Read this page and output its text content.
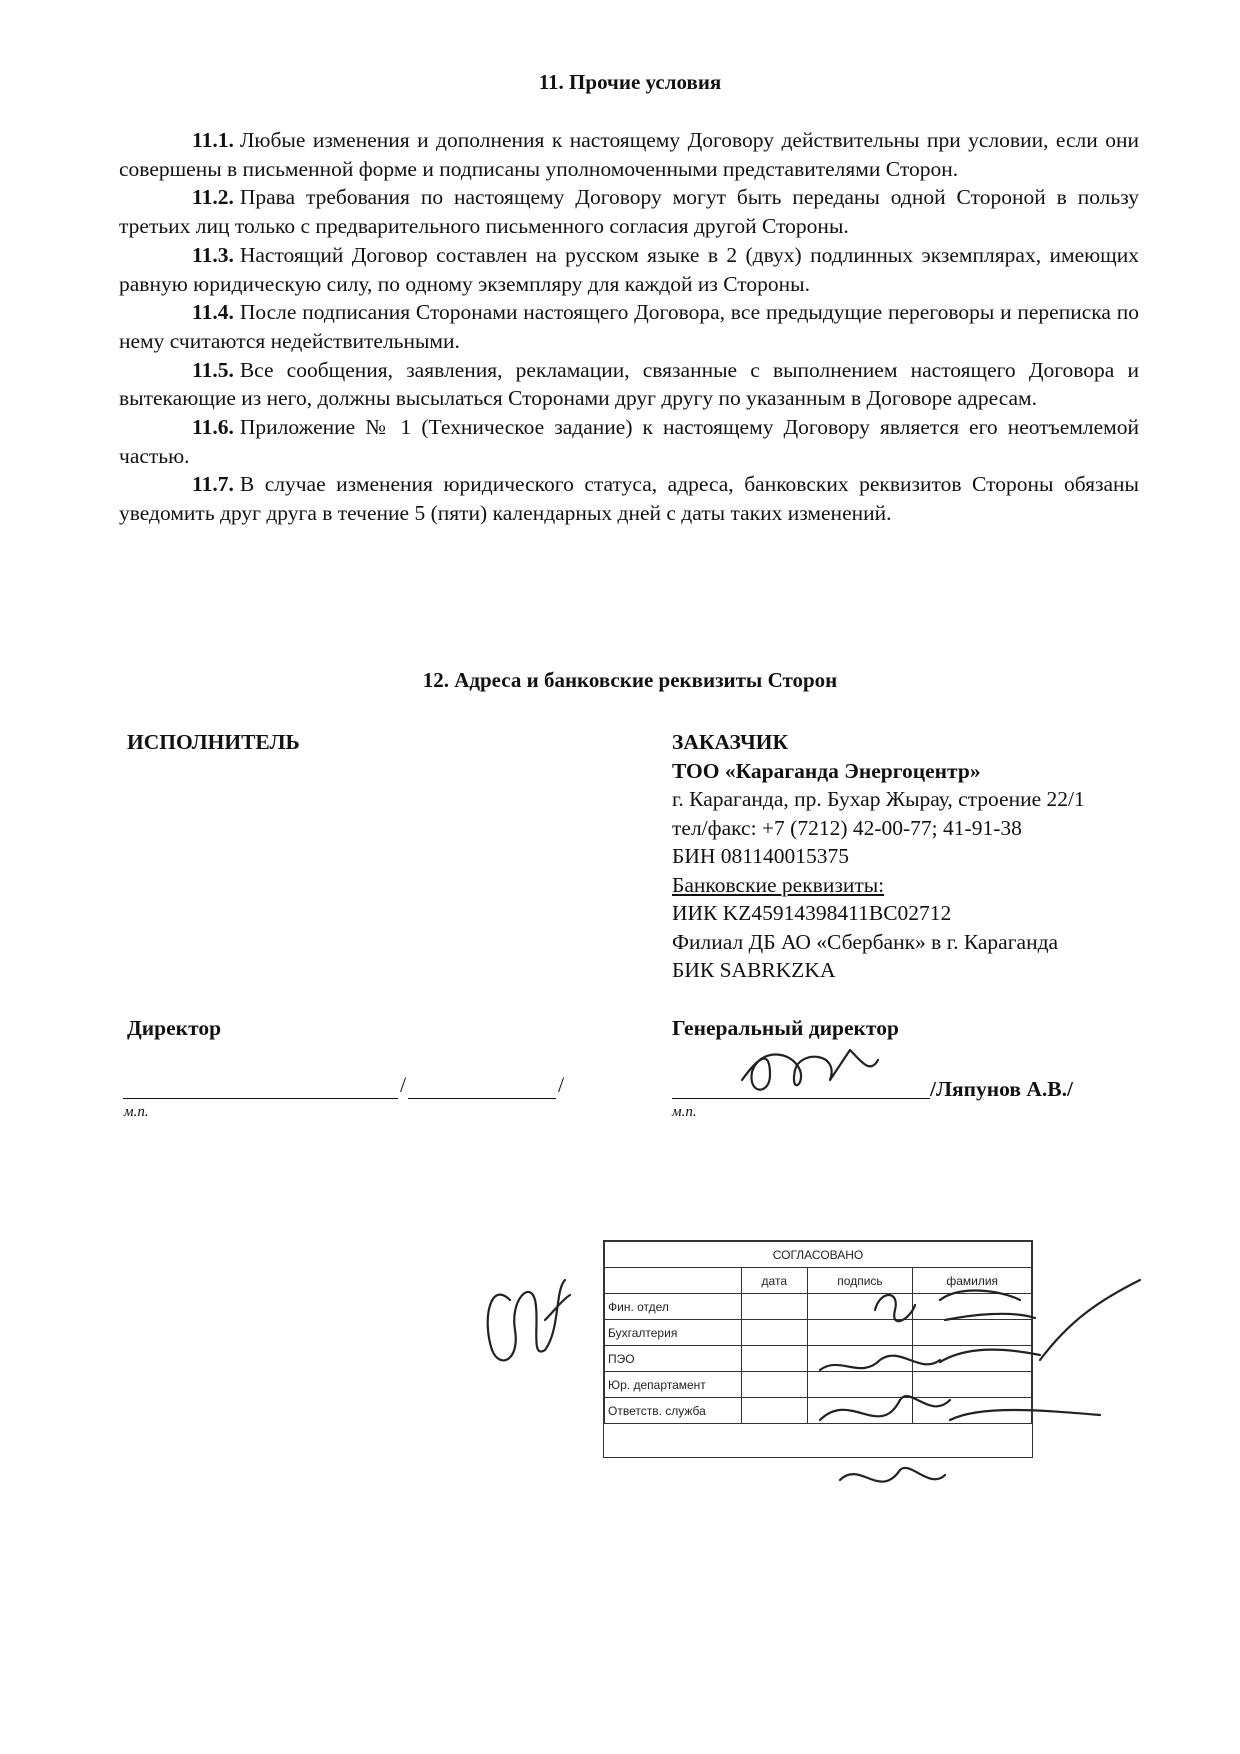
11. Прочие условия

11.1. Любые изменения и дополнения к настоящему Договору действительны при условии, если они совершены в письменной форме и подписаны уполномоченными представителями Сторон.

11.2. Права требования по настоящему Договору могут быть переданы одной Стороной в пользу третьих лиц только с предварительного письменного согласия другой Стороны.

11.3. Настоящий Договор составлен на русском языке в 2 (двух) подлинных экземплярах, имеющих равную юридическую силу, по одному экземпляру для каждой из Стороны.

11.4. После подписания Сторонами настоящего Договора, все предыдущие переговоры и переписка по нему считаются недействительными.

11.5. Все сообщения, заявления, рекламации, связанные с выполнением настоящего Договора и вытекающие из него, должны высылаться Сторонами друг другу по указанным в Договоре адресам.

11.6. Приложение № 1 (Техническое задание) к настоящему Договору является его неотъемлемой частью.

11.7. В случае изменения юридического статуса, адреса, банковских реквизитов Стороны обязаны уведомить друг друга в течение 5 (пяти) календарных дней с даты таких изменений.

12. Адреса и банковские реквизиты Сторон
ИСПОЛНИТЕЛЬ
Директор
/	/
м.п.
ЗАКАЗЧИК
ТОО «Караганда Энергоцентр»
г. Караганда, пр. Бухар Жырау, строение 22/1
тел/факс: +7 (7212) 42-00-77; 41-91-38
БИН 081140015375
Банковские реквизиты:
ИИК KZ45914398411BC02712
Филиал ДБ АО «Сбербанк» в г. Караганда
БИК SABRKZKA
Генеральный директор
/Ляпунов А.В./
м.п.
СОГЛАСОВАНО			
	дата	подпись	фамилия
Фин. отдел			
Бухгалтерия			
ПЭО			
Юр. департамент			
Ответств. служба			
